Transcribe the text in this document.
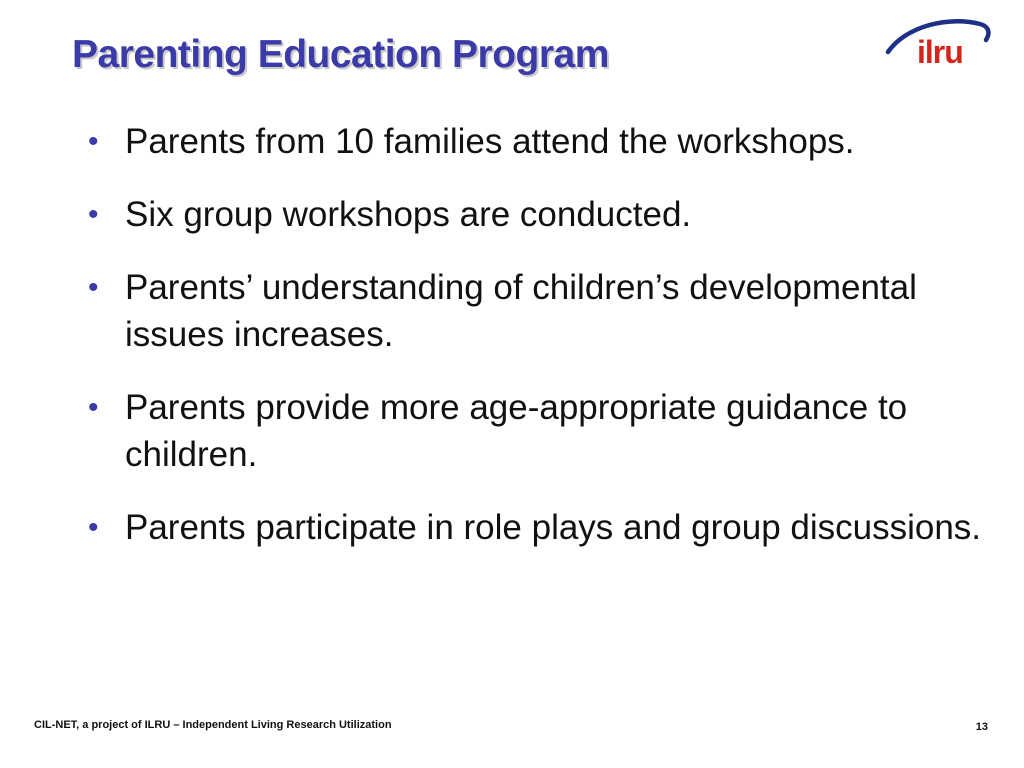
Parenting Education Program	ilru
• Parents from 10 families attend the workshops.
• Six group workshops are conducted.
• Parents’ understanding of children’s developmental issues increases.
• Parents provide more age-appropriate guidance to children.
• Parents participate in role plays and group discussions.
CIL-NET, a project of ILRU – Independent Living Research Utilization	13
